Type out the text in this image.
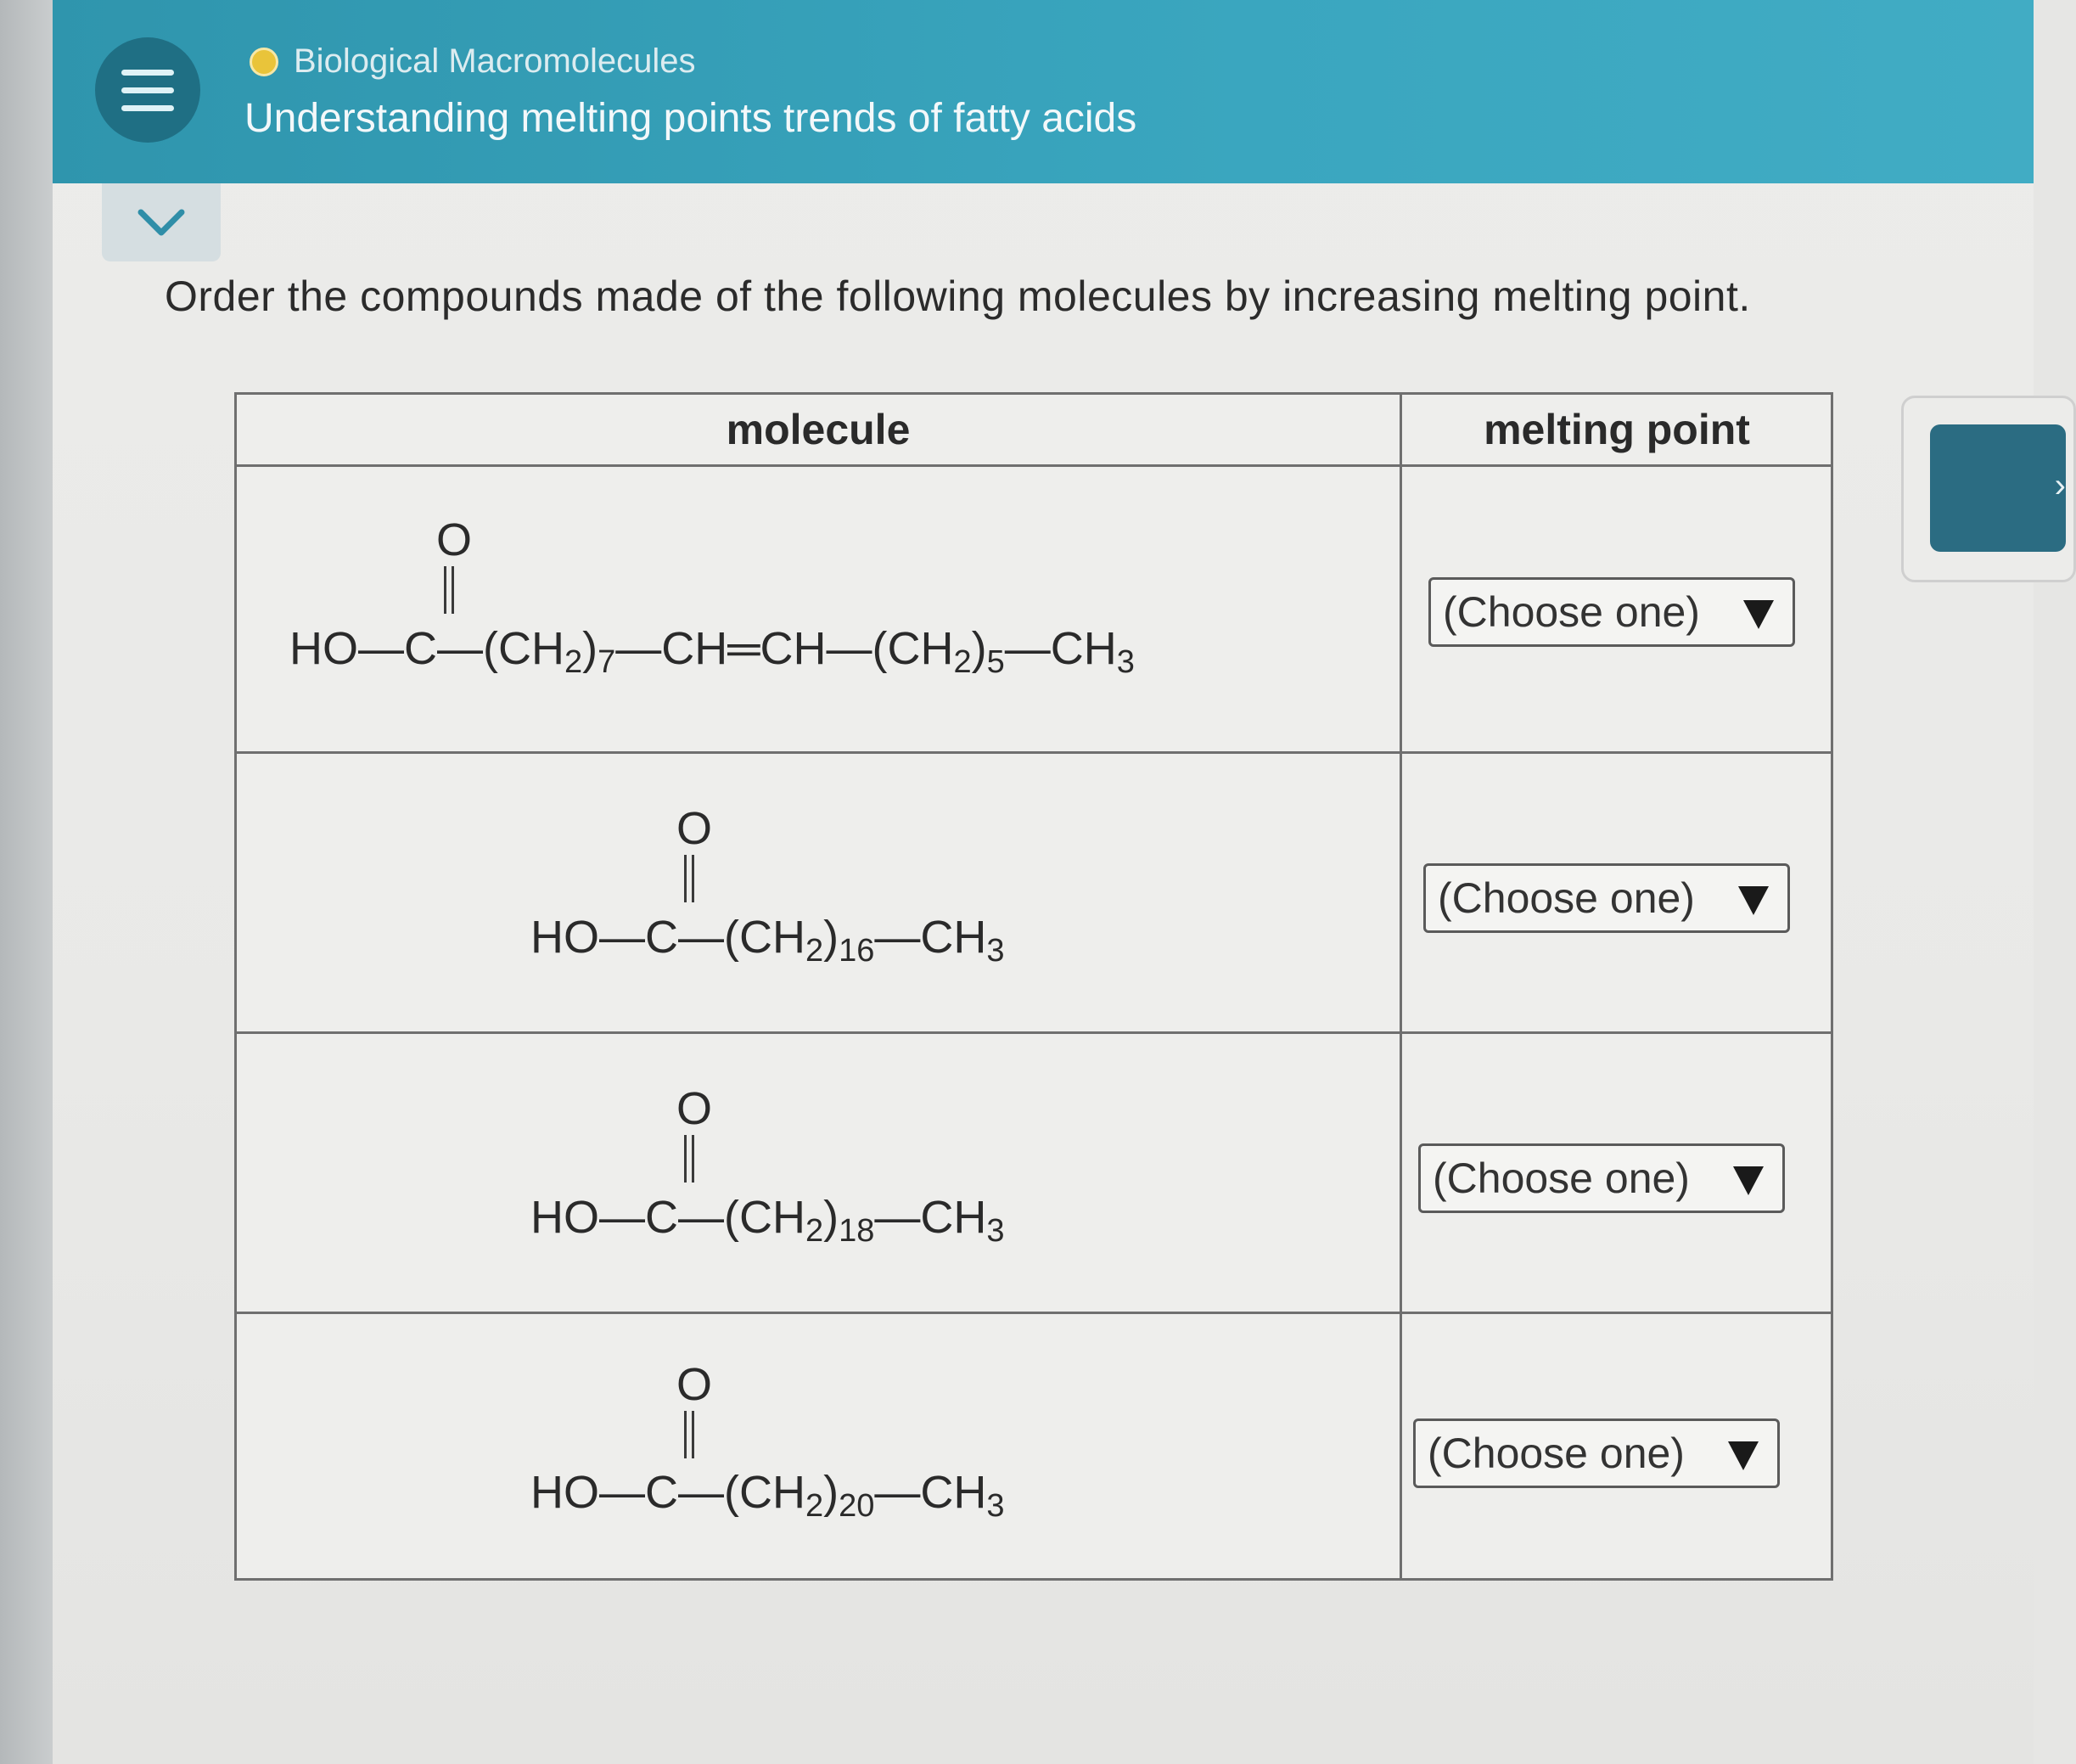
Biological Macromolecules
Understanding melting points trends of fatty acids
Order the compounds made of the following molecules by increasing melting point.
molecule	melting point
O
$HO—C—(CH_2)_7—CH═CH—(CH_2)_5—CH_3$
(Choose one)
O
$HO—C—(CH_2)_{16}—CH_3$
(Choose one)
O
$HO—C—(CH_2)_{18}—CH_3$
(Choose one)
O
$HO—C—(CH_2)_{20}—CH_3$
(Choose one)
›
